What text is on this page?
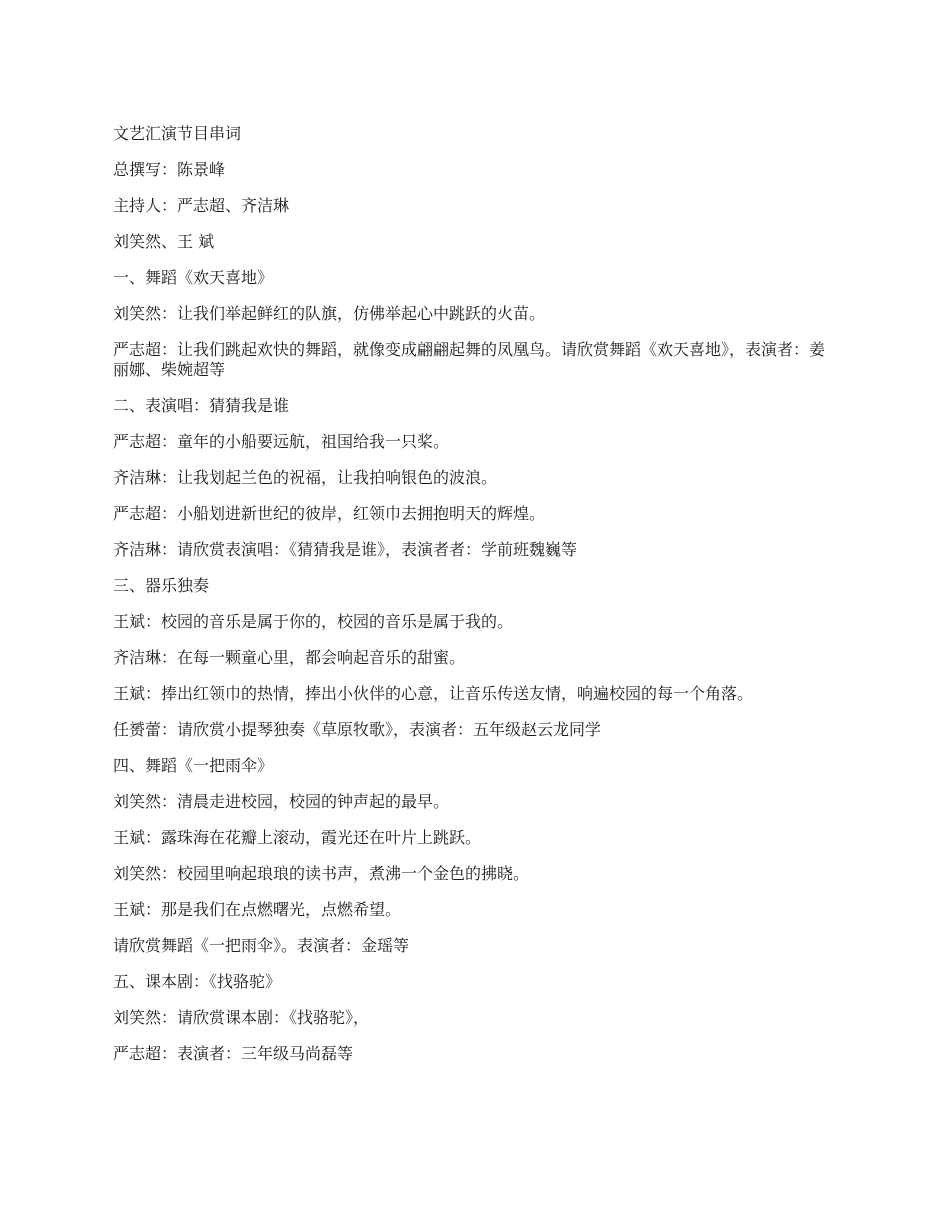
文艺汇演节目串词

总撰写：陈景峰

主持人：严志超、齐洁琳

刘笑然、王 斌

一、舞蹈《欢天喜地》

刘笑然：让我们举起鲜红的队旗，仿佛举起心中跳跃的火苗。

严志超：让我们跳起欢快的舞蹈，就像变成翩翩起舞的凤凰鸟。请欣赏舞蹈《欢天喜地》，表演者：姜丽娜、柴婉超等

二、表演唱：猜猜我是谁

严志超：童年的小船要远航，祖国给我一只桨。

齐洁琳：让我划起兰色的祝福，让我拍响银色的波浪。

严志超：小船划进新世纪的彼岸，红领巾去拥抱明天的辉煌。

齐洁琳：请欣赏表演唱：《猜猜我是谁》，表演者者：学前班魏巍等

三、器乐独奏

王斌：校园的音乐是属于你的，校园的音乐是属于我的。

齐洁琳：在每一颗童心里，都会响起音乐的甜蜜。

王斌：捧出红领巾的热情，捧出小伙伴的心意，让音乐传送友情，响遍校园的每一个角落。

任赟蕾：请欣赏小提琴独奏《草原牧歌》，表演者：五年级赵云龙同学

四、舞蹈《一把雨伞》

刘笑然：清晨走进校园，校园的钟声起的最早。

王斌：露珠海在花瓣上滚动，霞光还在叶片上跳跃。

刘笑然：校园里响起琅琅的读书声，煮沸一个金色的拂晓。

王斌：那是我们在点燃曙光，点燃希望。

请欣赏舞蹈《一把雨伞》。表演者：金瑶等

五、课本剧：《找骆驼》

刘笑然：请欣赏课本剧：《找骆驼》，

严志超：表演者：三年级马尚磊等
